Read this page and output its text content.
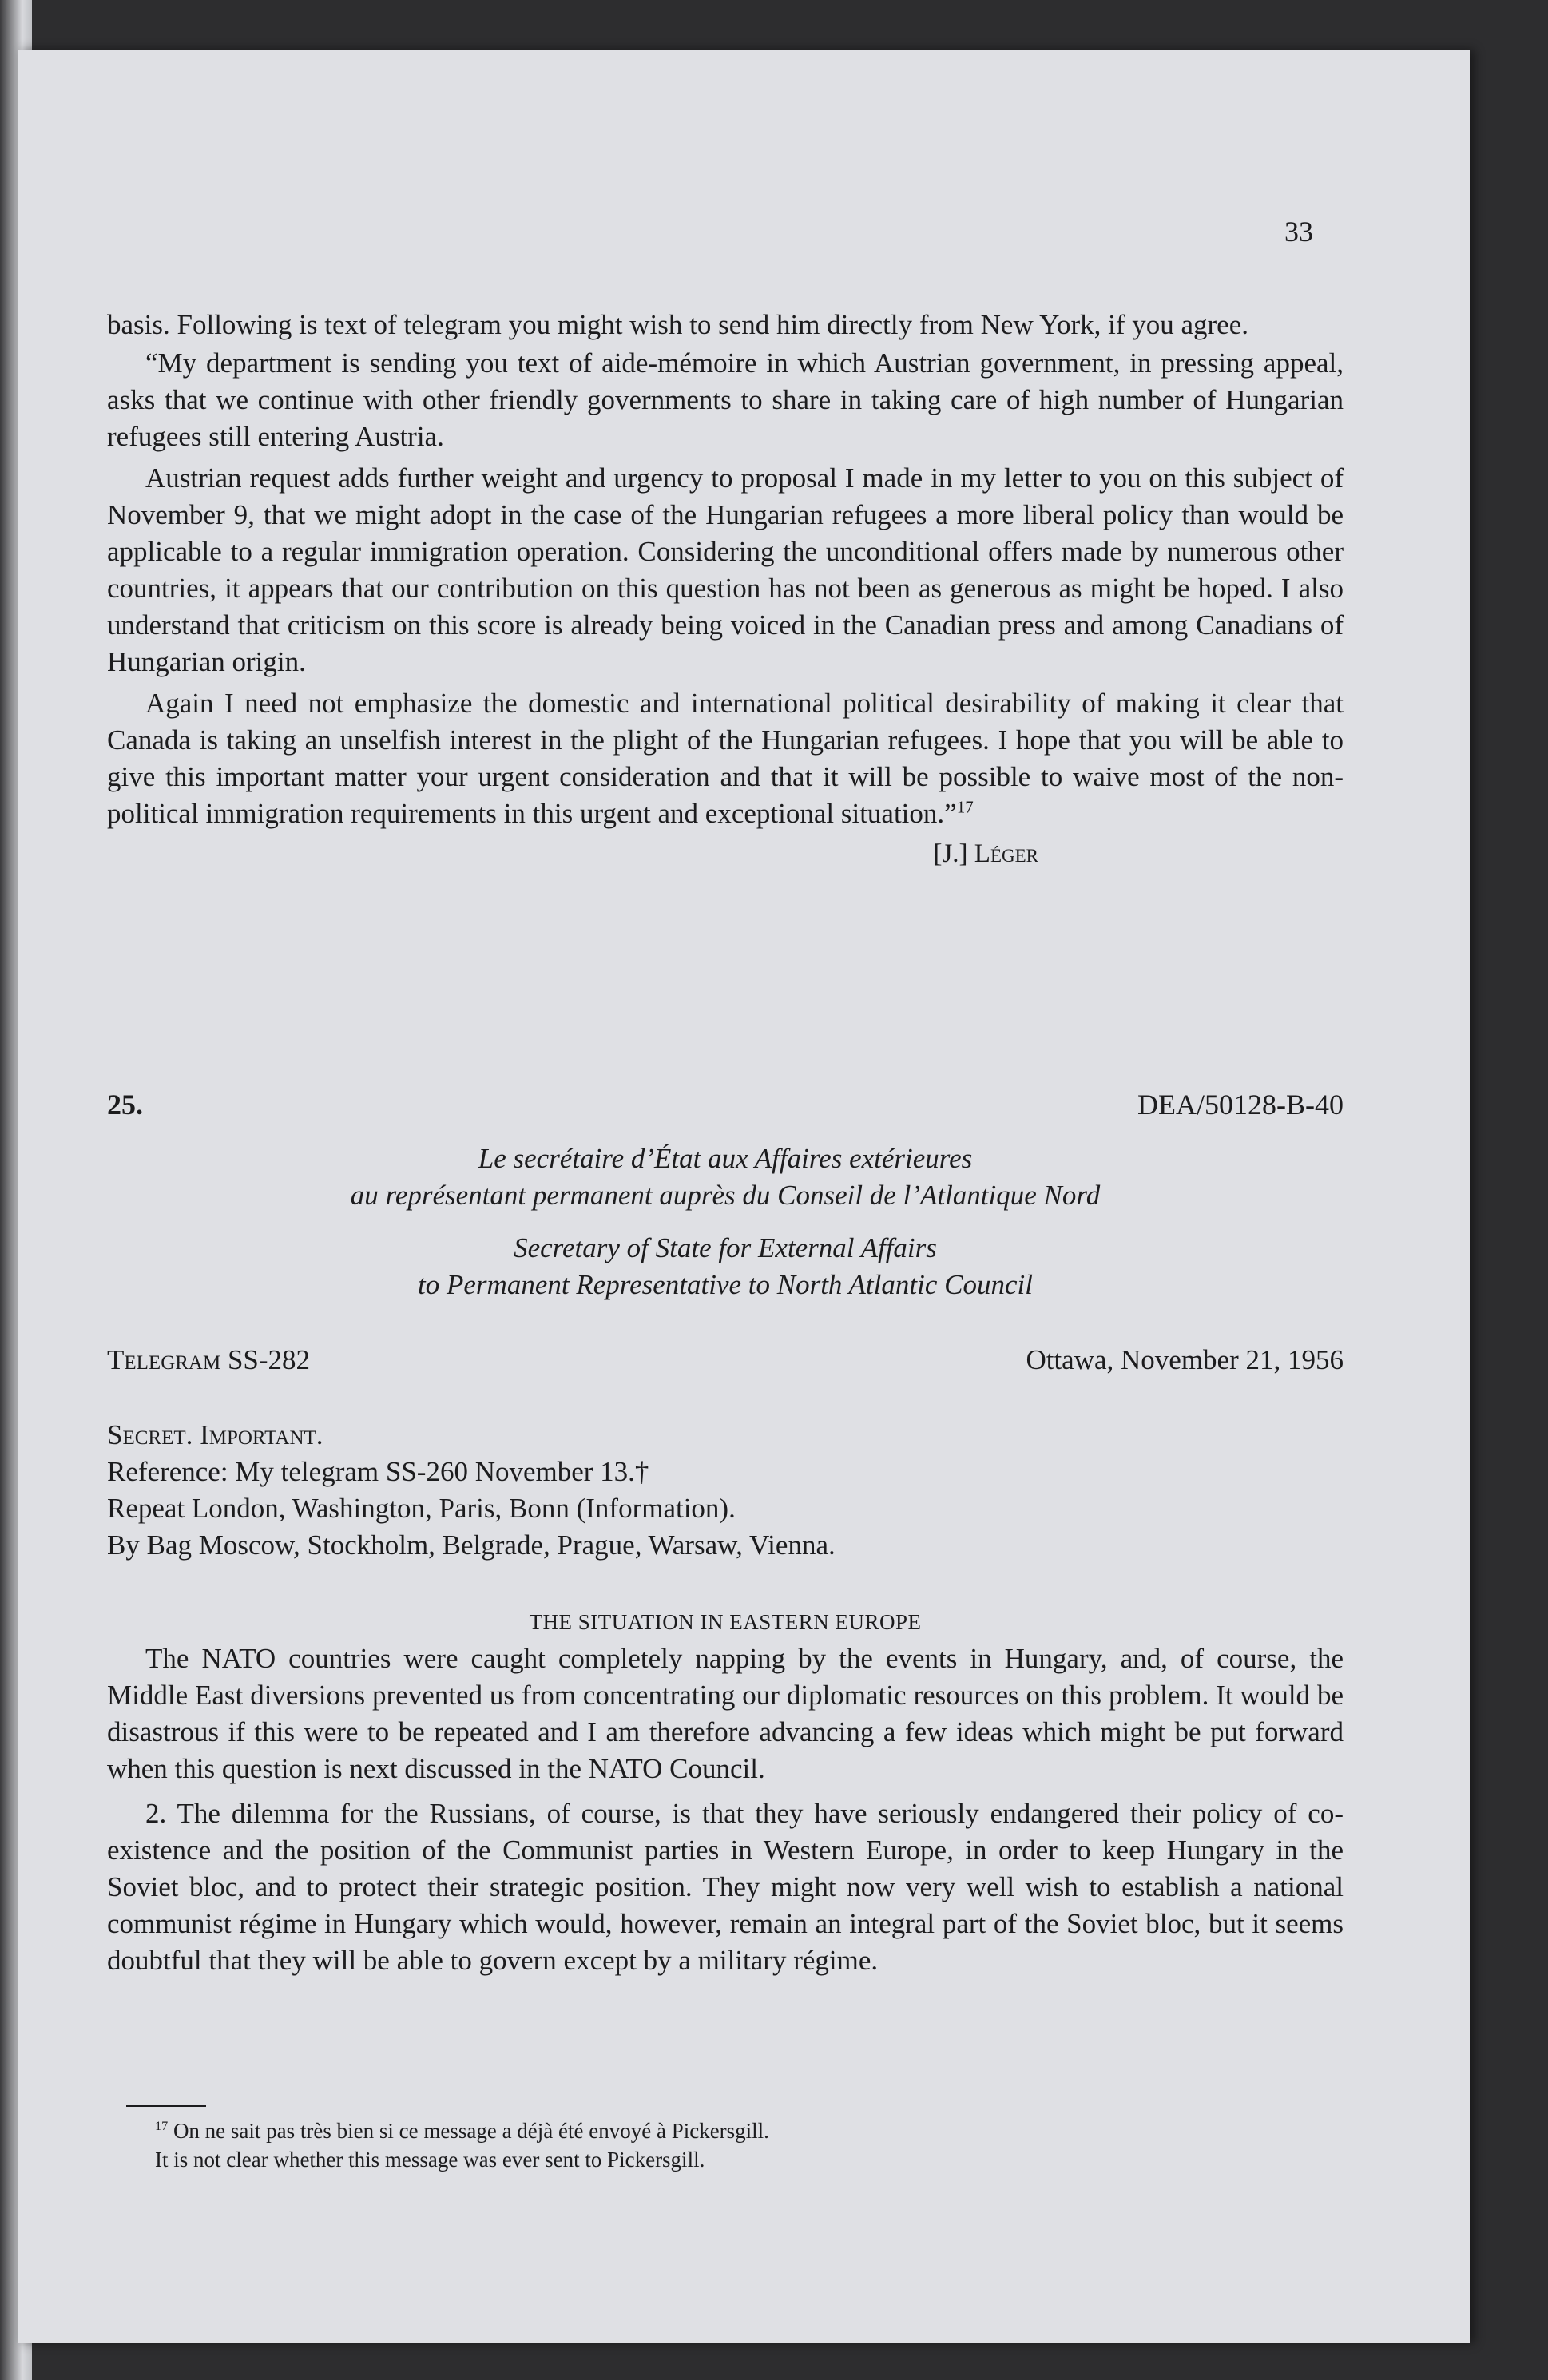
33

basis. Following is text of telegram you might wish to send him directly from New York, if you agree.

“My department is sending you text of aide-mémoire in which Austrian government, in pressing appeal, asks that we continue with other friendly governments to share in taking care of high number of Hungarian refugees still entering Austria.

Austrian request adds further weight and urgency to proposal I made in my letter to you on this subject of November 9, that we might adopt in the case of the Hungarian refugees a more liberal policy than would be applicable to a regular immigration operation. Considering the unconditional offers made by numerous other countries, it appears that our contribution on this question has not been as generous as might be hoped. I also understand that criticism on this score is already being voiced in the Canadian press and among Canadians of Hungarian origin.

Again I need not emphasize the domestic and international political desirability of making it clear that Canada is taking an unselfish interest in the plight of the Hungarian refugees. I hope that you will be able to give this important matter your urgent consideration and that it will be possible to waive most of the non-political immigration requirements in this urgent and exceptional situation.”$^{17}$

[J.] Léger
25.	DEA/50128-B-40
Le secrétaire d’État aux Affaires extérieures
au représentant permanent auprès du Conseil de l’Atlantique Nord
Secretary of State for External Affairs
to Permanent Representative to North Atlantic Council
Telegram SS-282	Ottawa, November 21, 1956
Secret. Important.
Reference: My telegram SS-260 November 13.†
Repeat London, Washington, Paris, Bonn (Information).
By Bag Moscow, Stockholm, Belgrade, Prague, Warsaw, Vienna.
THE SITUATION IN EASTERN EUROPE

The NATO countries were caught completely napping by the events in Hungary, and, of course, the Middle East diversions prevented us from concentrating our diplomatic resources on this problem. It would be disastrous if this were to be repeated and I am therefore advancing a few ideas which might be put forward when this question is next discussed in the NATO Council.

2. The dilemma for the Russians, of course, is that they have seriously endangered their policy of co-existence and the position of the Communist parties in Western Europe, in order to keep Hungary in the Soviet bloc, and to protect their strategic position. They might now very well wish to establish a national communist régime in Hungary which would, however, remain an integral part of the Soviet bloc, but it seems doubtful that they will be able to govern except by a military régime.

$^{17}$ On ne sait pas très bien si ce message a déjà été envoyé à Pickersgill.
It is not clear whether this message was ever sent to Pickersgill.
